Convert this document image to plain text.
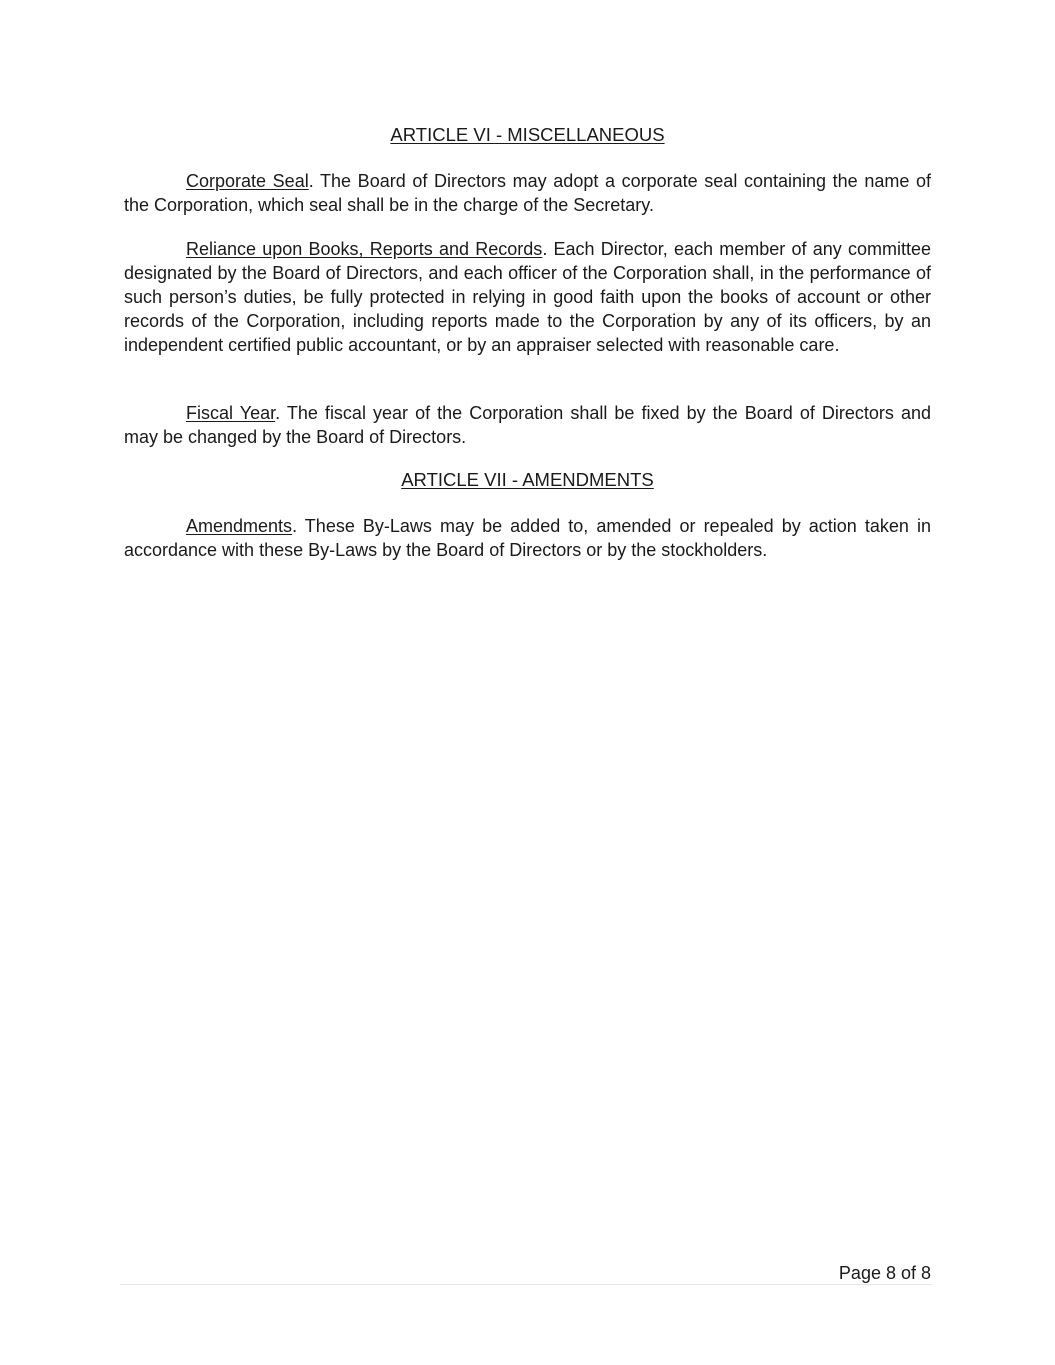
ARTICLE VI - MISCELLANEOUS

Corporate Seal. The Board of Directors may adopt a corporate seal containing the name of the Corporation, which seal shall be in the charge of the Secretary.

Reliance upon Books, Reports and Records. Each Director, each member of any committee designated by the Board of Directors, and each officer of the Corporation shall, in the performance of such person’s duties, be fully protected in relying in good faith upon the books of account or other records of the Corporation, including reports made to the Corporation by any of its officers, by an independent certified public accountant, or by an appraiser selected with reasonable care.

Fiscal Year. The fiscal year of the Corporation shall be fixed by the Board of Directors and may be changed by the Board of Directors.

ARTICLE VII - AMENDMENTS

Amendments. These By-Laws may be added to, amended or repealed by action taken in accordance with these By-Laws by the Board of Directors or by the stockholders.

Page 8 of 8
